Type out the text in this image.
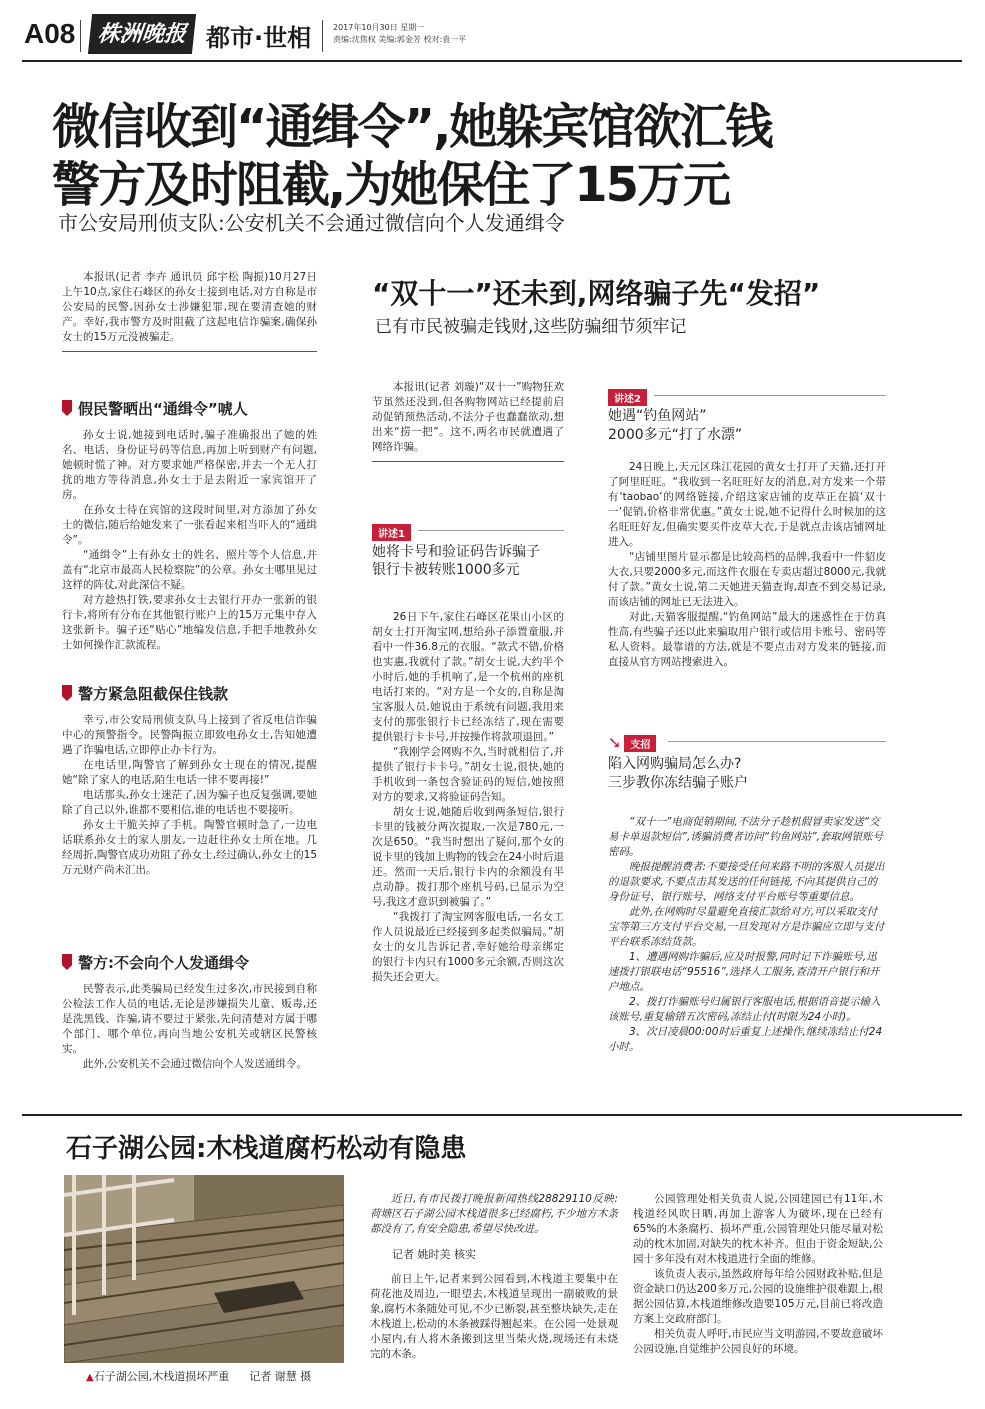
A08 株洲晚报 都市·世相	2017年10月30日 星期一
责编:沈焦权 美编:郭金芳 校对:袁一平
微信收到“通缉令”,她躲宾馆欲汇钱
警方及时阻截,为她保住了15万元
市公安局刑侦支队:公安机关不会通过微信向个人发通缉令

本报讯(记者 李卉 通讯员 邱宇松 陶振)10月27日上午10点,家住石峰区的孙女士接到电话,对方自称是市公安局的民警,因孙女士涉嫌犯罪,现在要清查她的财产。幸好,我市警方及时阻截了这起电信诈骗案,确保孙女士的15万元没被骗走。

假民警晒出“通缉令”唬人

孙女士说,她接到电话时,骗子准确报出了她的姓名、电话、身份证号码等信息,再加上听到财产有问题,她顿时慌了神。对方要求她严格保密,并去一个无人打扰的地方等待消息,孙女士于是去附近一家宾馆开了房。

在孙女士待在宾馆的这段时间里,对方添加了孙女士的微信,随后给她发来了一张看起来相当吓人的“通缉令”。

“通缉令”上有孙女士的姓名、照片等个人信息,并盖有“北京市最高人民检察院”的公章。孙女士哪里见过这样的阵仗,对此深信不疑。

对方趁热打铁,要求孙女士去银行开办一张新的银行卡,将所有分布在其他银行账户上的15万元集中存入这张新卡。骗子还“贴心”地编发信息,手把手地教孙女士如何操作汇款流程。

警方紧急阻截保住钱款

幸亏,市公安局刑侦支队马上接到了省反电信诈骗中心的预警指令。民警陶振立即致电孙女士,告知她遭遇了诈骗电话,立即停止办卡行为。

在电话里,陶警官了解到孙女士现在的情况,提醒她“除了家人的电话,陌生电话一律不要再接!”

电话那头,孙女士迷茫了,因为骗子也反复强调,要她除了自己以外,谁都不要相信,谁的电话也不要接听。

孙女士干脆关掉了手机。陶警官顿时急了,一边电话联系孙女士的家人朋友,一边赶往孙女士所在地。几经周折,陶警官成功劝阻了孙女士,经过确认,孙女士的15万元财产尚未汇出。

警方:不会向个人发通缉令

民警表示,此类骗局已经发生过多次,市民接到自称公检法工作人员的电话,无论是涉嫌损失儿童、贩毒,还是洗黑钱、诈骗,请不要过于紧张,先问清楚对方属于哪个部门、哪个单位,再向当地公安机关或辖区民警核实。

此外,公安机关不会通过微信向个人发送通缉令。

“双十一”还未到,网络骗子先“发招”
已有市民被骗走钱财,这些防骗细节须牢记

本报讯(记者 刘璇)“双十一”购物狂欢节虽然还没到,但各购物网站已经提前启动促销预热活动,不法分子也蠢蠢欲动,想出来“捞一把”。这不,两名市民就遭遇了网络诈骗。

讲述1
她将卡号和验证码告诉骗子
银行卡被转账1000多元

26日下午,家住石峰区花果山小区的胡女士打开淘宝网,想给孙子添置童服,并看中一件36.8元的衣服。“款式不错,价格也实惠,我就付了款。”胡女士说,大约半个小时后,她的手机响了,是一个杭州的座机电话打来的。“对方是一个女的,自称是淘宝客服人员,她说由于系统有问题,我用来支付的那张银行卡已经冻结了,现在需要提供银行卡卡号,并按操作将款项退回。”

“我刚学会网购不久,当时就相信了,并提供了银行卡卡号。”胡女士说,很快,她的手机收到一条包含验证码的短信,她按照对方的要求,又将验证码告知。

胡女士说,她随后收到两条短信,银行卡里的钱被分两次提取,一次是780元,一次是650。“我当时想出了疑问,那个女的说卡里的钱加上购物的钱会在24小时后退还。然而一天后,银行卡内的余额没有半点动静。拨打那个座机号码,已显示为空号,我这才意识到被骗了。”

“我拨打了淘宝网客服电话,一名女工作人员说最近已经接到多起类似骗局。”胡女士的女儿告诉记者,幸好她给母亲绑定的银行卡内只有1000多元余额,否则这次损失还会更大。

讲述2
她遇“钓鱼网站”
2000多元“打了水漂”

24日晚上,天元区珠江花园的黄女士打开了天猫,还打开了阿里旺旺。“我收到一名旺旺好友的消息,对方发来一个带有‘taobao’的网络链接,介绍这家店铺的皮草正在搞‘双十一’促销,价格非常优惠。”黄女士说,她不记得什么时候加的这名旺旺好友,但确实要买件皮草大衣,于是就点击该店铺网址进入。

“店铺里图片显示都是比较高档的品牌,我看中一件貂皮大衣,只要2000多元,而这件衣服在专卖店超过8000元,我就付了款。”黄女士说,第二天她进天猫查询,却查不到交易记录,而该店铺的网址已无法进入。

对此,天猫客服提醒,“钓鱼网站”最大的迷惑性在于仿真性高,有些骗子还以此来骗取用户银行或信用卡账号、密码等私人资料。最靠谱的方法,就是不要点击对方发来的链接,而直接从官方网站搜索进入。

➘ 支招
陷入网购骗局怎么办?
三步教你冻结骗子账户

“双十一”电商促销期间,不法分子趁机假冒卖家发送“交易卡单退款短信”,诱骗消费者访问“钓鱼网站”,套取网银账号密码。

晚报提醒消费者:不要接受任何来路不明的客服人员提出的退款要求,不要点击其发送的任何链接,不向其提供自己的身份证号、银行账号、网络支付平台账号等重要信息。

此外,在网购时尽量避免直接汇款给对方,可以采取支付宝等第三方支付平台交易,一旦发现对方是诈骗应立即与支付平台联系冻结货款。

1、遭遇网购诈骗后,应及时报警,同时记下诈骗账号,迅速拨打银联电话“95516”,选择人工服务,查清开户银行和开户地点。

2、拨打诈骗账号归属银行客服电话,根据语音提示输入该账号,重复输错五次密码,冻结止付(时限为24小时)。

3、次日凌晨00:00时后重复上述操作,继续冻结止付24小时。

石子湖公园:木栈道腐朽松动有隐患
▲石子湖公园,木栈道损坏严重 记者 谢慧 摄

近日,有市民拨打晚报新闻热线28829110反映:荷塘区石子湖公园木栈道很多已经腐朽,不少地方木条都没有了,有安全隐患,希望尽快改进。

记者 姚时美 核实

前日上午,记者来到公园看到,木栈道主要集中在荷花池及周边,一眼望去,木栈道呈现出一副破败的景象,腐朽木条随处可见,不少已断裂,甚至整块缺失,走在木栈道上,松动的木条被踩得翘起来。在公园一处景观小屋内,有人将木条搬到这里当柴火烧,现场还有未烧完的木条。

公园管理处相关负责人说,公园建园已有11年,木栈道经风吹日晒,再加上游客人为破坏,现在已经有65%的木条腐朽、损坏严重,公园管理处只能尽量对松动的枕木加固,对缺失的枕木补齐。但由于资金短缺,公园十多年没有对木栈道进行全面的维修。

该负责人表示,虽然政府每年给公园财政补贴,但是资金缺口仍达200多万元,公园的设施维护很难跟上,根据公园估算,木栈道维修改造要105万元,目前已将改造方案上交政府部门。

相关负责人呼吁,市民应当文明游园,不要故意破坏公园设施,自觉维护公园良好的环境。
